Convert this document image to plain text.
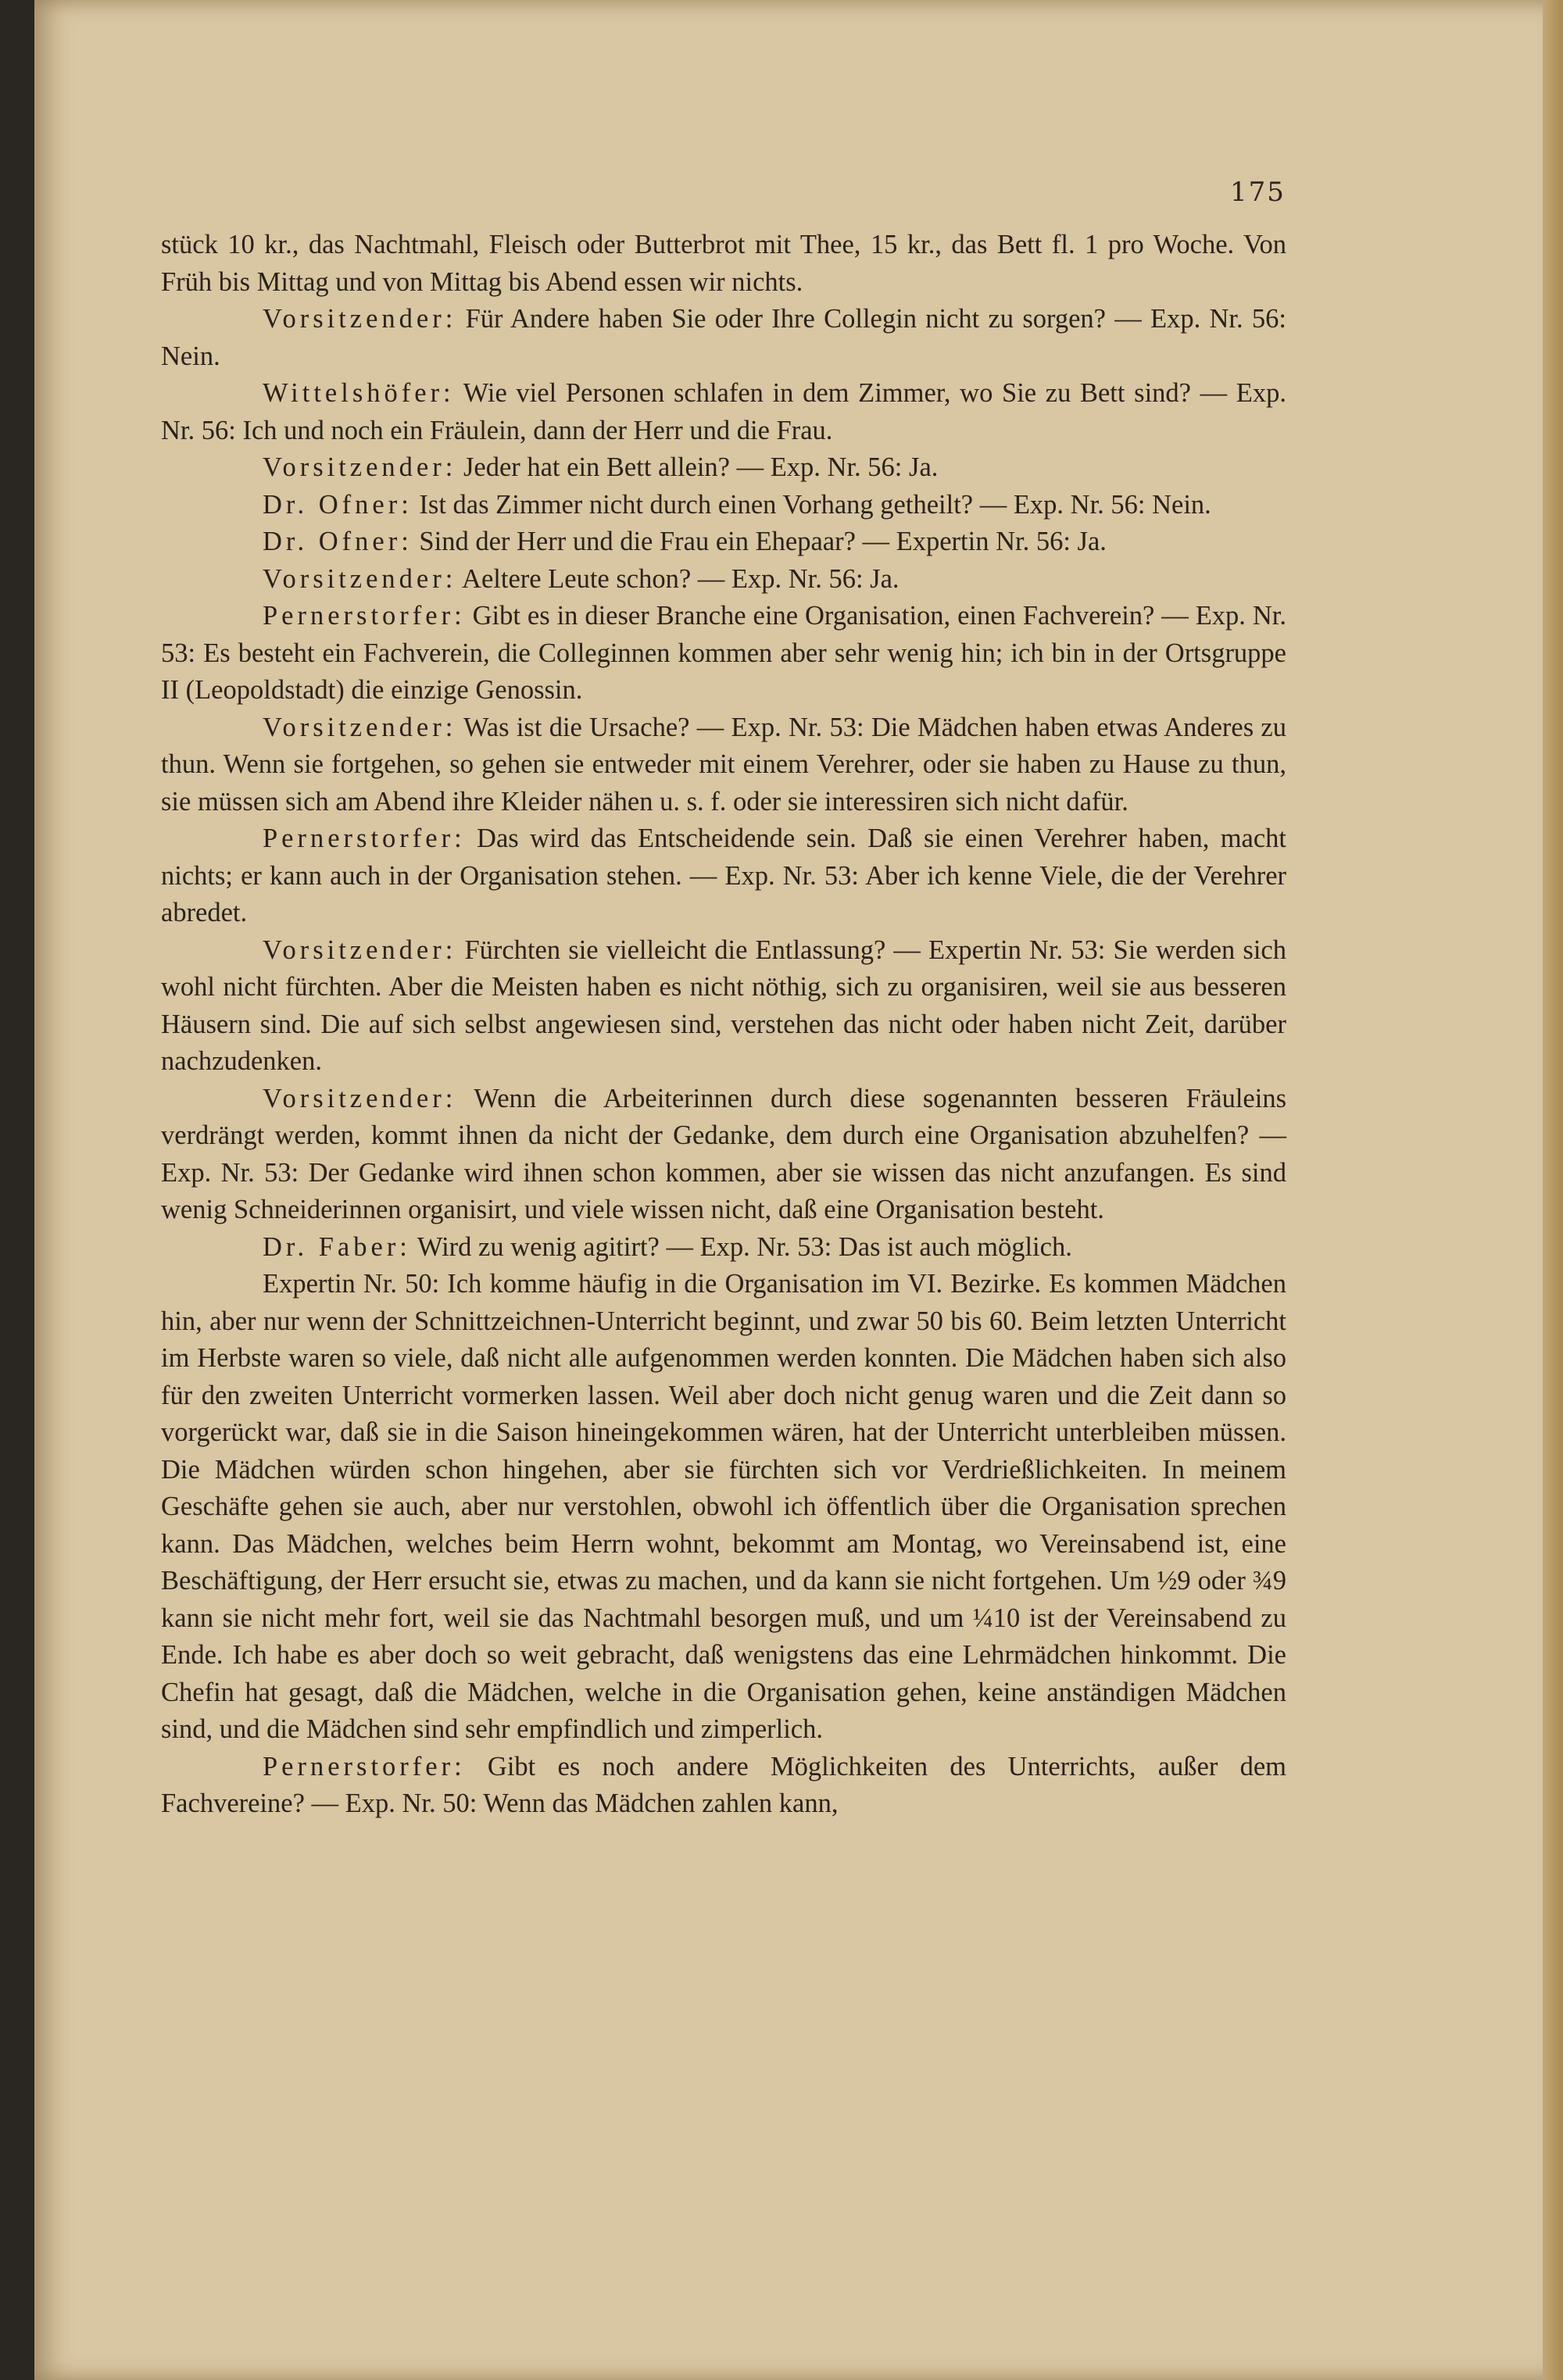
175

stück 10 kr., das Nachtmahl, Fleisch oder Butterbrot mit Thee, 15 kr., das Bett fl. 1 pro Woche. Von Früh bis Mittag und von Mittag bis Abend essen wir nichts.

Vorsitzender: Für Andere haben Sie oder Ihre Collegin nicht zu sorgen? — Exp. Nr. 56: Nein.

Wittelshöfer: Wie viel Personen schlafen in dem Zimmer, wo Sie zu Bett sind? — Exp. Nr. 56: Ich und noch ein Fräulein, dann der Herr und die Frau.

Vorsitzender: Jeder hat ein Bett allein? — Exp. Nr. 56: Ja.

Dr. Ofner: Ist das Zimmer nicht durch einen Vorhang getheilt? — Exp. Nr. 56: Nein.

Dr. Ofner: Sind der Herr und die Frau ein Ehepaar? — Expertin Nr. 56: Ja.

Vorsitzender: Aeltere Leute schon? — Exp. Nr. 56: Ja.

Pernerstorfer: Gibt es in dieser Branche eine Organisation, einen Fachverein? — Exp. Nr. 53: Es besteht ein Fachverein, die Colleginnen kommen aber sehr wenig hin; ich bin in der Ortsgruppe II (Leopoldstadt) die einzige Genossin.

Vorsitzender: Was ist die Ursache? — Exp. Nr. 53: Die Mädchen haben etwas Anderes zu thun. Wenn sie fortgehen, so gehen sie entweder mit einem Verehrer, oder sie haben zu Hause zu thun, sie müssen sich am Abend ihre Kleider nähen u. s. f. oder sie interessiren sich nicht dafür.

Pernerstorfer: Das wird das Entscheidende sein. Daß sie einen Verehrer haben, macht nichts; er kann auch in der Organisation stehen. — Exp. Nr. 53: Aber ich kenne Viele, die der Verehrer abredet.

Vorsitzender: Fürchten sie vielleicht die Entlassung? — Expertin Nr. 53: Sie werden sich wohl nicht fürchten. Aber die Meisten haben es nicht nöthig, sich zu organisiren, weil sie aus besseren Häusern sind. Die auf sich selbst angewiesen sind, verstehen das nicht oder haben nicht Zeit, darüber nachzudenken.

Vorsitzender: Wenn die Arbeiterinnen durch diese sogenannten besseren Fräuleins verdrängt werden, kommt ihnen da nicht der Gedanke, dem durch eine Organisation abzuhelfen? — Exp. Nr. 53: Der Gedanke wird ihnen schon kommen, aber sie wissen das nicht anzufangen. Es sind wenig Schneiderinnen organisirt, und viele wissen nicht, daß eine Organisation besteht.

Dr. Faber: Wird zu wenig agitirt? — Exp. Nr. 53: Das ist auch möglich.

Expertin Nr. 50: Ich komme häufig in die Organisation im VI. Bezirke. Es kommen Mädchen hin, aber nur wenn der Schnittzeichnen-Unterricht beginnt, und zwar 50 bis 60. Beim letzten Unterricht im Herbste waren so viele, daß nicht alle aufgenommen werden konnten. Die Mädchen haben sich also für den zweiten Unterricht vormerken lassen. Weil aber doch nicht genug waren und die Zeit dann so vorgerückt war, daß sie in die Saison hineingekommen wären, hat der Unterricht unterbleiben müssen. Die Mädchen würden schon hingehen, aber sie fürchten sich vor Verdrießlichkeiten. In meinem Geschäfte gehen sie auch, aber nur verstohlen, obwohl ich öffentlich über die Organisation sprechen kann. Das Mädchen, welches beim Herrn wohnt, bekommt am Montag, wo Vereinsabend ist, eine Beschäftigung, der Herr ersucht sie, etwas zu machen, und da kann sie nicht fortgehen. Um ½9 oder ¾9 kann sie nicht mehr fort, weil sie das Nachtmahl besorgen muß, und um ¼10 ist der Vereinsabend zu Ende. Ich habe es aber doch so weit gebracht, daß wenigstens das eine Lehrmädchen hinkommt. Die Chefin hat gesagt, daß die Mädchen, welche in die Organisation gehen, keine anständigen Mädchen sind, und die Mädchen sind sehr empfindlich und zimperlich.

Pernerstorfer: Gibt es noch andere Möglichkeiten des Unterrichts, außer dem Fachvereine? — Exp. Nr. 50: Wenn das Mädchen zahlen kann,
